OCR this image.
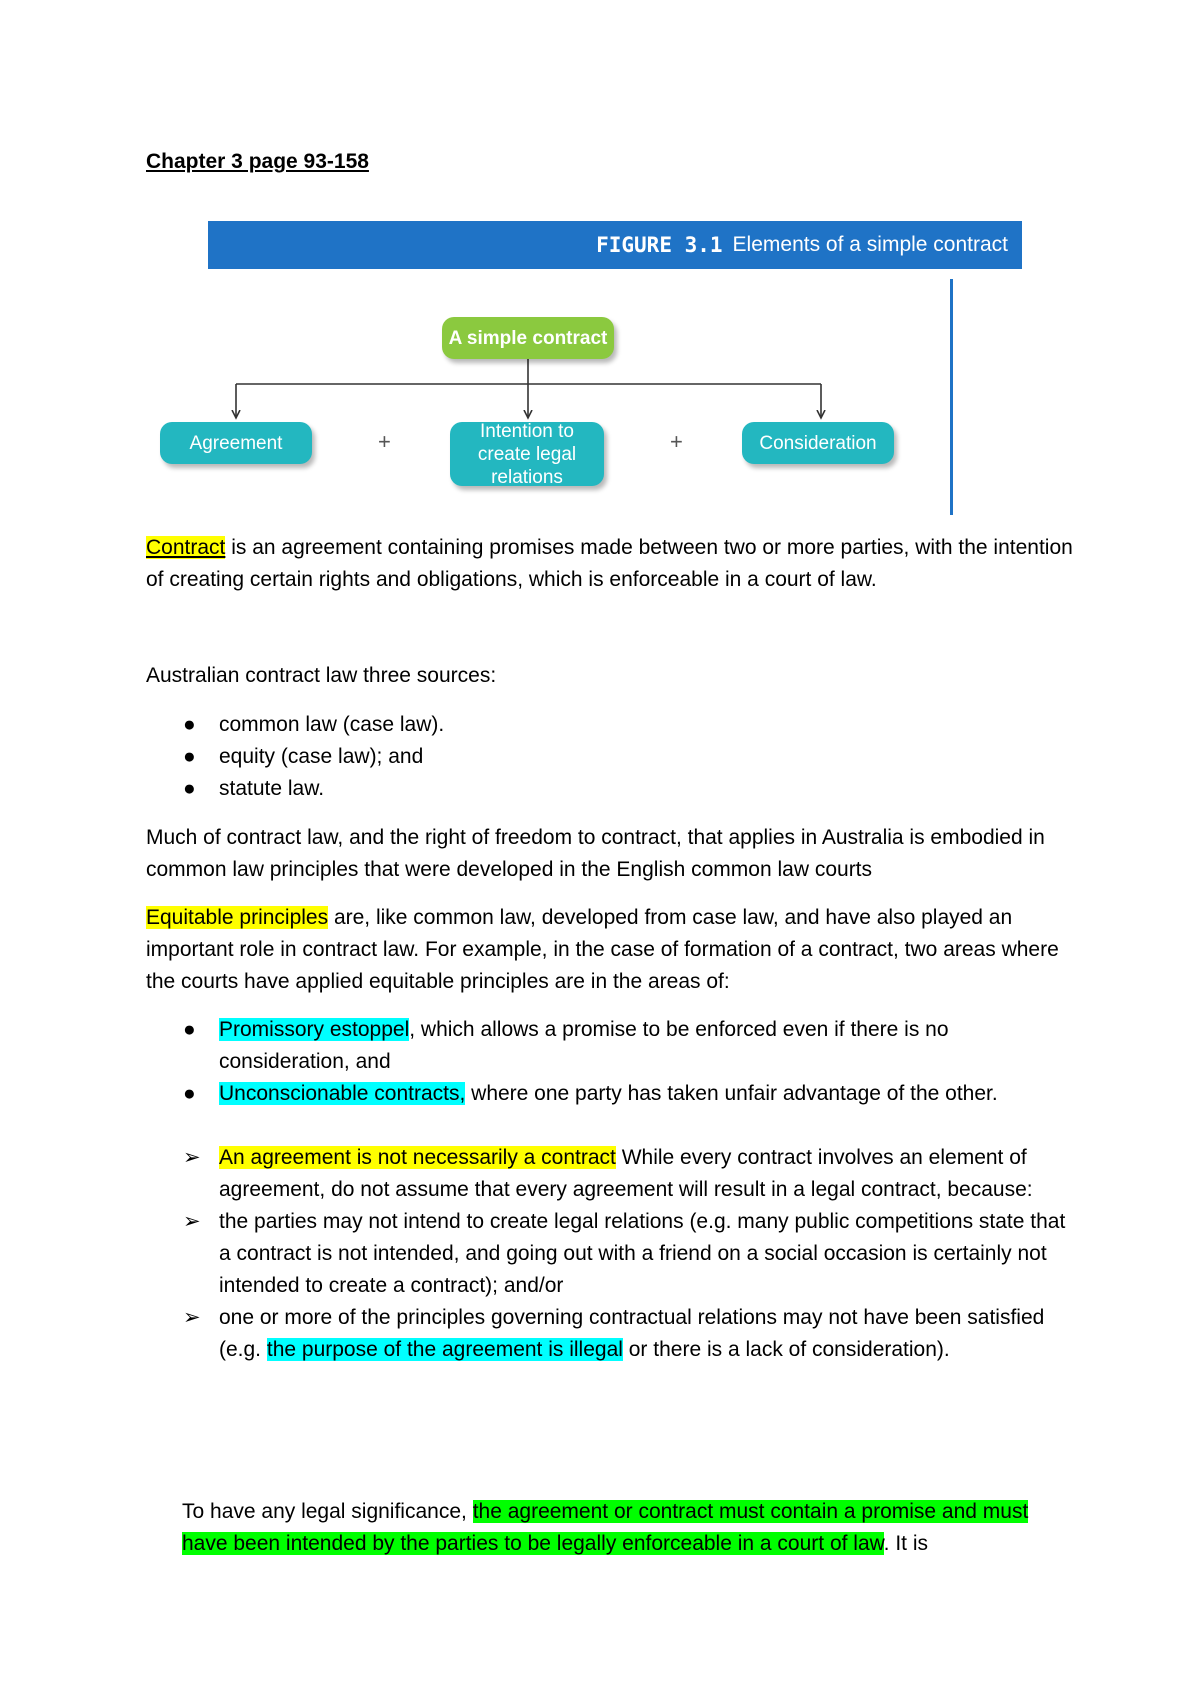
Chapter 3 page 93-158
FIGURE 3.1 Elements of a simple contract
A simple contract
Agreement
Intention to create legal relations
Consideration
+	+
Contract is an agreement containing promises made between two or more parties, with the intention of creating certain rights and obligations, which is enforceable in a court of law.
Australian contract law three sources:
● common law (case law).
● equity (case law); and
● statute law.
Much of contract law, and the right of freedom to contract, that applies in Australia is embodied in common law principles that were developed in the English common law courts
Equitable principles are, like common law, developed from case law, and have also played an important role in contract law. For example, in the case of formation of a contract, two areas where the courts have applied equitable principles are in the areas of:
● Promissory estoppel, which allows a promise to be enforced even if there is no consideration, and
● Unconscionable contracts, where one party has taken unfair advantage of the other.
➢ An agreement is not necessarily a contract While every contract involves an element of agreement, do not assume that every agreement will result in a legal contract, because:
➢ the parties may not intend to create legal relations (e.g. many public competitions state that a contract is not intended, and going out with a friend on a social occasion is certainly not intended to create a contract); and/or
➢ one or more of the principles governing contractual relations may not have been satisfied (e.g. the purpose of the agreement is illegal or there is a lack of consideration).
To have any legal significance, the agreement or contract must contain a promise and must have been intended by the parties to be legally enforceable in a court of law. It is
